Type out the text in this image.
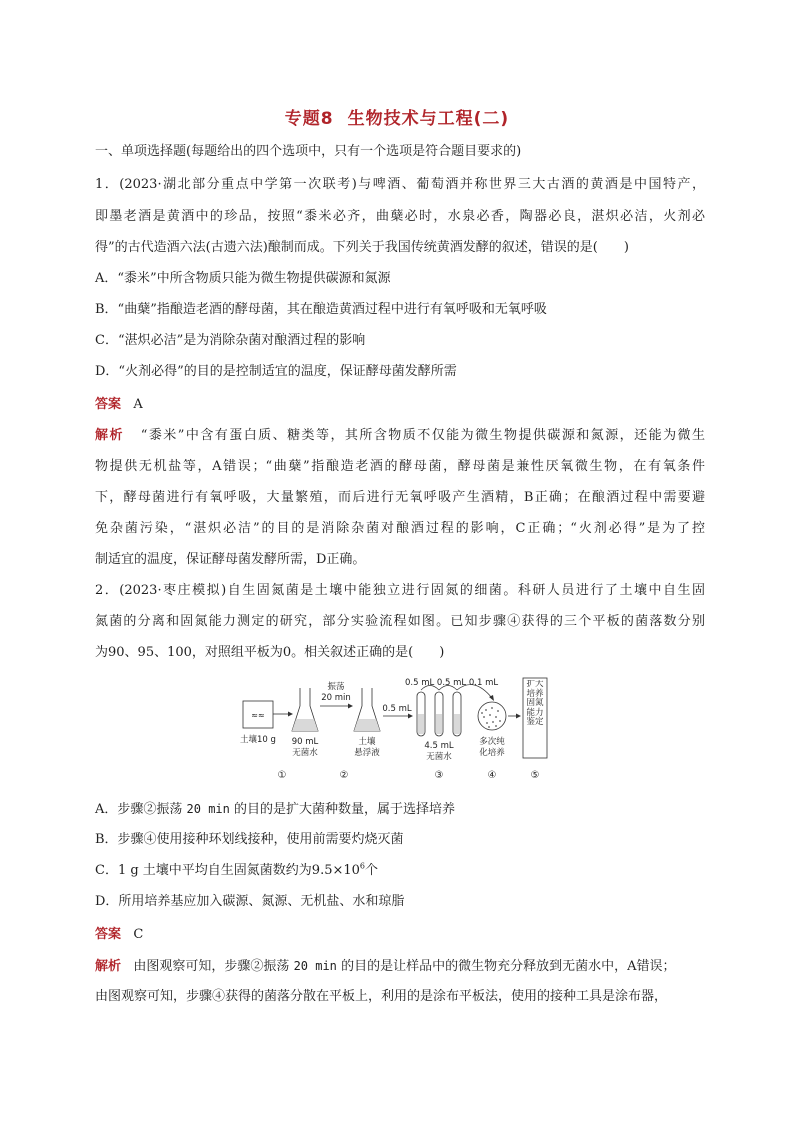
专题8 生物技术与工程(二)
一、单项选择题(每题给出的四个选项中，只有一个选项是符合题目要求的)
1．(2023·湖北部分重点中学第一次联考)与啤酒、葡萄酒并称世界三大古酒的黄酒是中国特产，
即墨老酒是黄酒中的珍品，按照“黍米必齐，曲蘖必时，水泉必香，陶器必良，湛炽必洁，火剂必
得”的古代造酒六法(古遗六法)酿制而成。下列关于我国传统黄酒发酵的叙述，错误的是(　　)
A．“黍米”中所含物质只能为微生物提供碳源和氮源
B．“曲蘖”指酿造老酒的酵母菌，其在酿造黄酒过程中进行有氧呼吸和无氧呼吸
C．“湛炽必洁”是为消除杂菌对酿酒过程的影响
D．“火剂必得”的目的是控制适宜的温度，保证酵母菌发酵所需
答案 A
解析 “黍米”中含有蛋白质、糖类等，其所含物质不仅能为微生物提供碳源和氮源，还能为微生
物提供无机盐等，A错误；“曲蘖”指酿造老酒的酵母菌，酵母菌是兼性厌氧微生物，在有氧条件
下，酵母菌进行有氧呼吸，大量繁殖，而后进行无氧呼吸产生酒精，B正确；在酿酒过程中需要避
免杂菌污染，“湛炽必洁”的目的是消除杂菌对酿酒过程的影响，C正确；“火剂必得”是为了控
制适宜的温度，保证酵母菌发酵所需，D正确。
2．(2023·枣庄模拟)自生固氮菌是土壤中能独立进行固氮的细菌。科研人员进行了土壤中自生固
氮菌的分离和固氮能力测定的研究，部分实验流程如图。已知步骤④获得的三个平板的菌落数分别
为90、95、100，对照组平板为0。相关叙述正确的是(　　)
≈≈
土壤10 g 90 mL
无菌水
振荡
20 min
土壤
悬浮液
0.5 mL
0.5 mL 0.5 mL 0.1 mL
4.5 mL
无菌水
多次纯
化培养
扩大培养固氮能力鉴定
①	②	③	④	⑤
A．步骤②振荡 20 min 的目的是扩大菌种数量，属于选择培养
B．步骤④使用接种环划线接种，使用前需要灼烧灭菌
C．1 g 土壤中平均自生固氮菌数约为$9.5\times 10^6$个
D．所用培养基应加入碳源、氮源、无机盐、水和琼脂
答案 C
解析 由图观察可知，步骤②振荡 20 min 的目的是让样品中的微生物充分释放到无菌水中，A错误；
由图观察可知，步骤④获得的菌落分散在平板上，利用的是涂布平板法，使用的接种工具是涂布器，
